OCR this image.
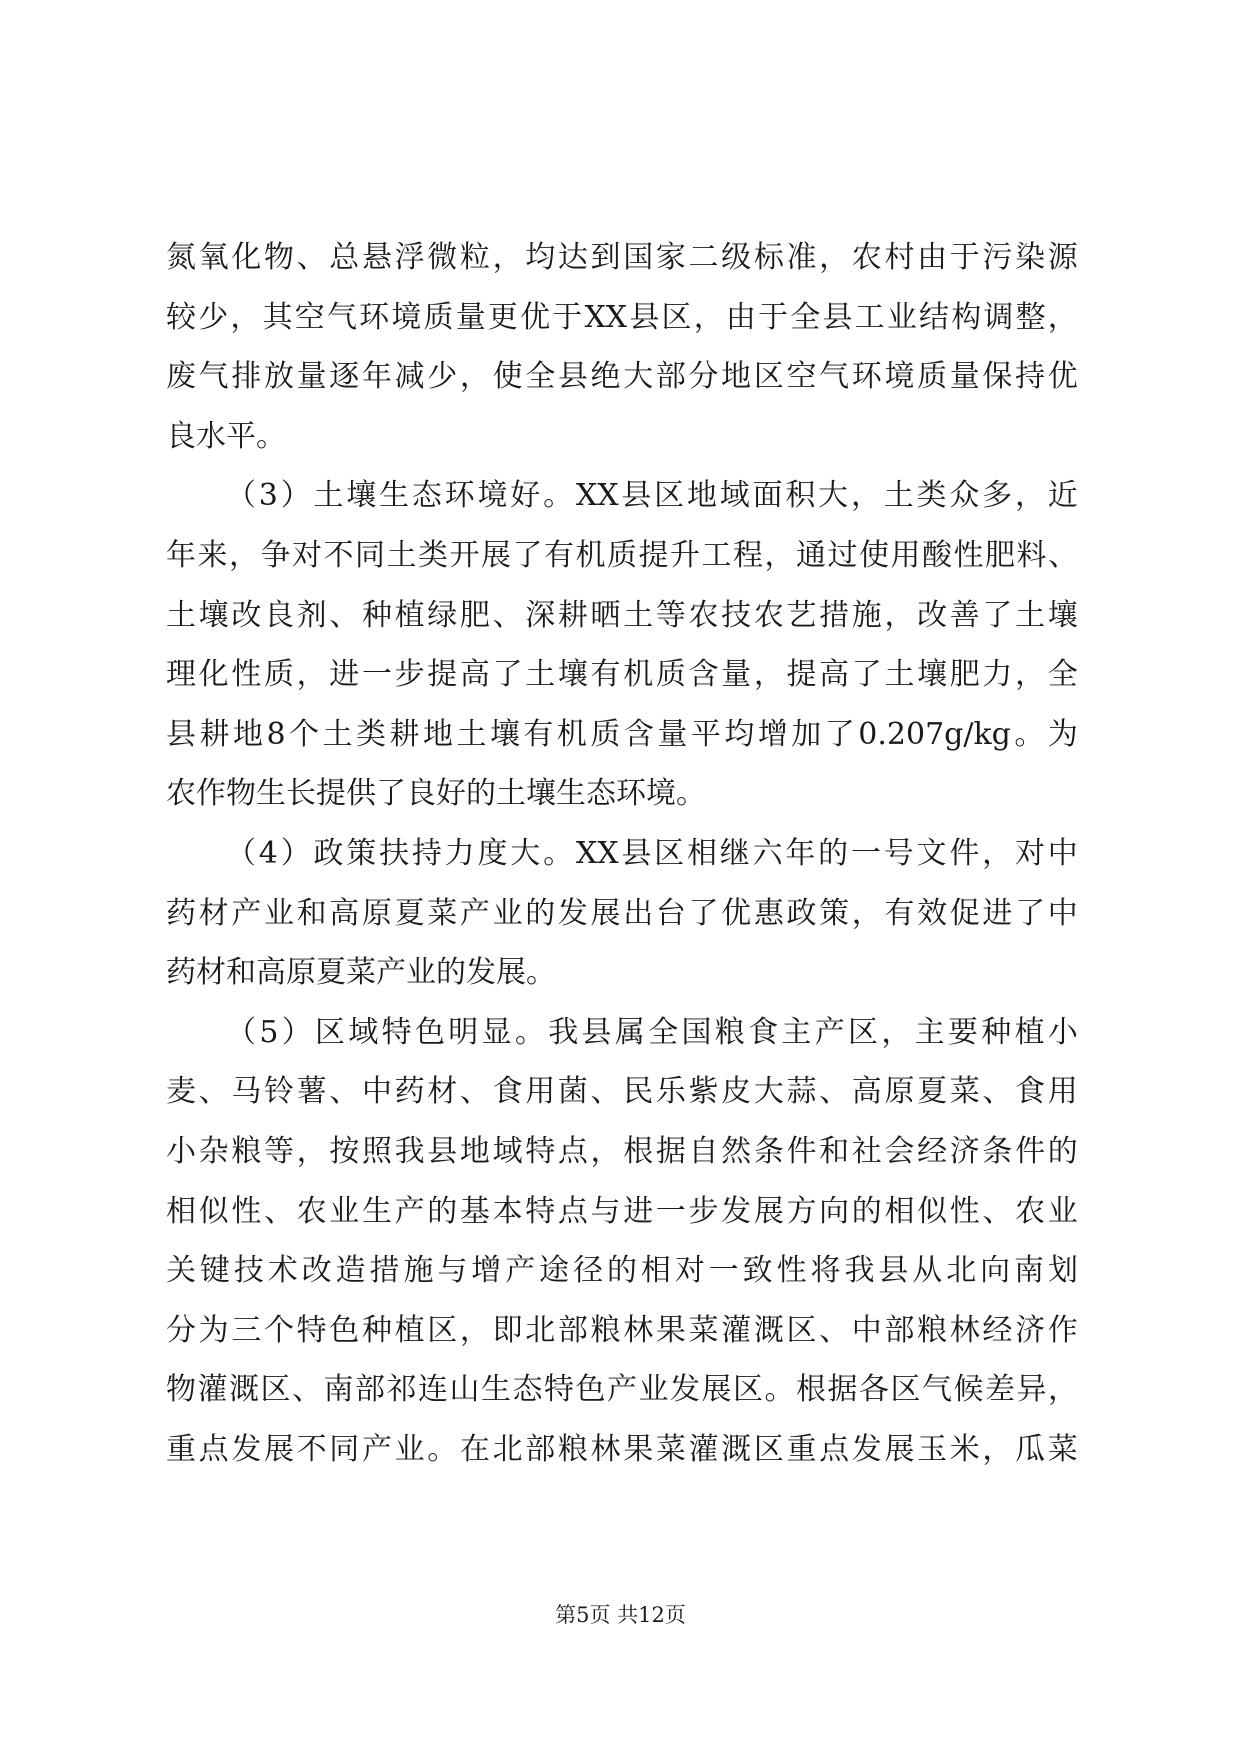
氮 氧 化 物 、 总 悬 浮 微 粒 ， 均 达 到 国 家 二 级 标 准 ， 农 村 由 于 污 染 源
较 少 ， 其 空 气 环 境 质 量 更 优 于 XX 县 区 ， 由 于 全 县 工 业 结 构 调 整 ，
废 气 排 放 量 逐 年 减 少 ， 使 全 县 绝 大 部 分 地 区 空 气 环 境 质 量 保 持 优
良水平。
（ 3 ） 土 壤 生 态 环 境 好 。 XX 县 区 地 域 面 积 大 ， 土 类 众 多 ， 近
年 来 ， 争 对 不 同 土 类 开 展 了 有 机 质 提 升 工 程 ， 通 过 使 用 酸 性 肥 料 、
土 壤 改 良 剂 、 种 植 绿 肥 、 深 耕 晒 土 等 农 技 农 艺 措 施 ， 改 善 了 土 壤
理 化 性 质 ， 进 一 步 提 高 了 土 壤 有 机 质 含 量 ， 提 高 了 土 壤 肥 力 ， 全
县 耕 地 8 个 土 类 耕 地 土 壤 有 机 质 含 量 平 均 增 加 了 0.207g/kg 。 为
农作物生长提供了良好的土壤生态环境。
（ 4 ） 政 策 扶 持 力 度 大 。 XX 县 区 相 继 六 年 的 一 号 文 件 ， 对 中
药 材 产 业 和 高 原 夏 菜 产 业 的 发 展 出 台 了 优 惠 政 策 ， 有 效 促 进 了 中
药材和高原夏菜产业的发展。
（ 5 ） 区 域 特 色 明 显 。 我 县 属 全 国 粮 食 主 产 区 ， 主 要 种 植 小
麦 、 马 铃 薯 、 中 药 材 、 食 用 菌 、 民 乐 紫 皮 大 蒜 、 高 原 夏 菜 、 食 用
小 杂 粮 等 ， 按 照 我 县 地 域 特 点 ， 根 据 自 然 条 件 和 社 会 经 济 条 件 的
相 似 性 、 农 业 生 产 的 基 本 特 点 与 进 一 步 发 展 方 向 的 相 似 性 、 农 业
关 键 技 术 改 造 措 施 与 增 产 途 径 的 相 对 一 致 性 将 我 县 从 北 向 南 划
分 为 三 个 特 色 种 植 区 ， 即 北 部 粮 林 果 菜 灌 溉 区 、 中 部 粮 林 经 济 作
物 灌 溉 区 、 南 部 祁 连 山 生 态 特 色 产 业 发 展 区 。 根 据 各 区 气 候 差 异 ，
重 点 发 展 不 同 产 业 。 在 北 部 粮 林 果 菜 灌 溉 区 重 点 发 展 玉 米 ， 瓜 菜
第5页 共12页
